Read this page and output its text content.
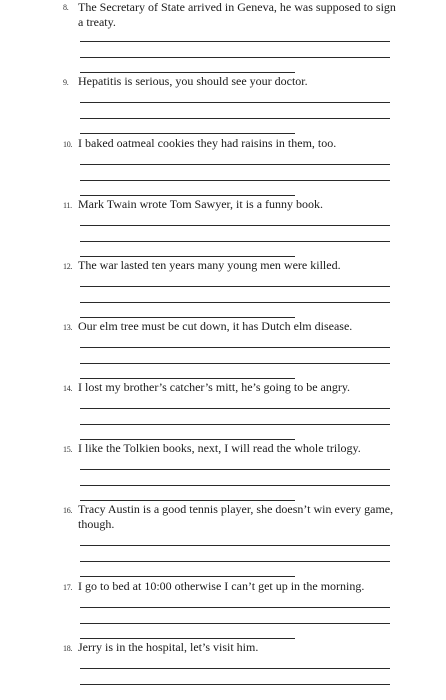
8. The Secretary of State arrived in Geneva, he was supposed to sign a treaty.

9. Hepatitis is serious, you should see your doctor.

10. I baked oatmeal cookies they had raisins in them, too.

11. Mark Twain wrote Tom Sawyer, it is a funny book.

12. The war lasted ten years many young men were killed.

13. Our elm tree must be cut down, it has Dutch elm disease.

14. I lost my brother’s catcher’s mitt, he’s going to be angry.

15. I like the Tolkien books, next, I will read the whole trilogy.

16. Tracy Austin is a good tennis player, she doesn’t win every game, though.

17. I go to bed at 10:00 otherwise I can’t get up in the morning.

18. Jerry is in the hospital, let’s visit him.
